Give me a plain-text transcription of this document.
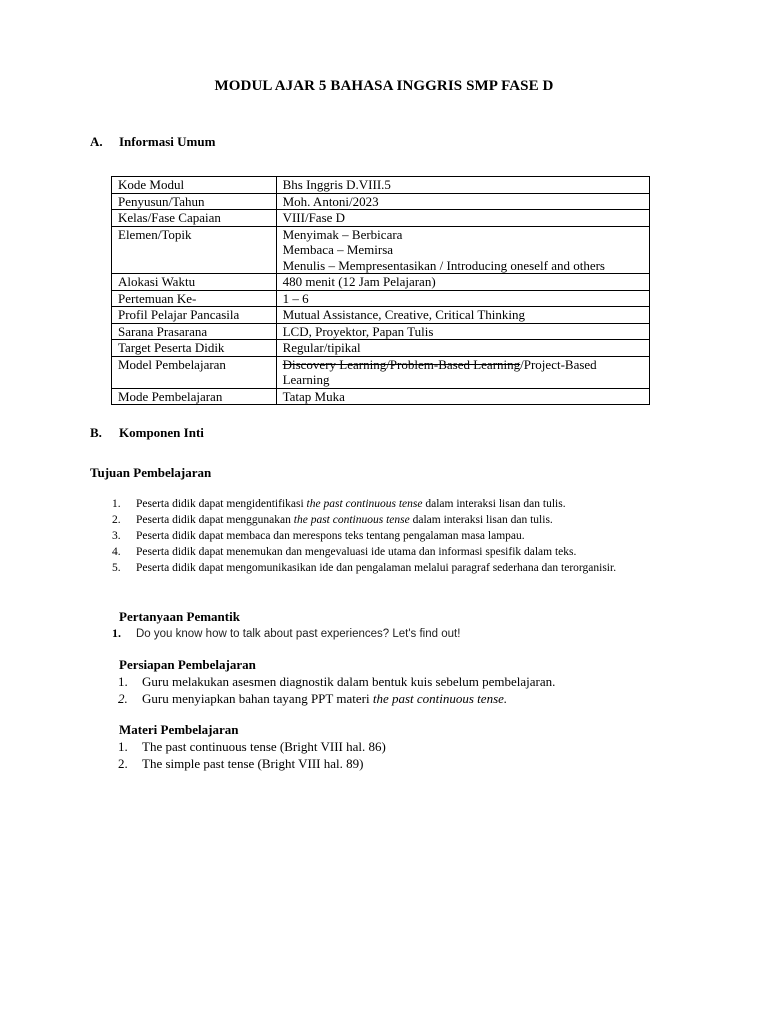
MODUL AJAR 5 BAHASA INGGRIS SMP FASE D
A. Informasi Umum
Kode Modul	Bhs Inggris D.VIII.5
Penyusun/Tahun	Moh. Antoni/2023
Kelas/Fase Capaian	VIII/Fase D
Elemen/Topik	Menyimak – Berbicara
Membaca – Memirsa
Menulis – Mempresentasikan / Introducing oneself and others

Alokasi Waktu	480 menit (12 Jam Pelajaran)
Pertemuan Ke-	1 – 6
Profil Pelajar Pancasila	Mutual Assistance, Creative, Critical Thinking
Sarana Prasarana	LCD, Proyektor, Papan Tulis
Target Peserta Didik	Regular/tipikal
Model Pembelajaran	Discovery Learning/Problem-Based Learning/Project-Based Learning
Mode Pembelajaran	Tatap Muka
B. Komponen Inti
Tujuan Pembelajaran
1. Peserta didik dapat mengidentifikasi the past continuous tense dalam interaksi lisan dan tulis.
2. Peserta didik dapat menggunakan the past continuous tense dalam interaksi lisan dan tulis.
3. Peserta didik dapat membaca dan merespons teks tentang pengalaman masa lampau.
4. Peserta didik dapat menemukan dan mengevaluasi ide utama dan informasi spesifik dalam teks.
5. Peserta didik dapat mengomunikasikan ide dan pengalaman melalui paragraf sederhana dan terorganisir.
Pertanyaan Pemantik
1. Do you know how to talk about past experiences? Let's find out!
Persiapan Pembelajaran
1. Guru melakukan asesmen diagnostik dalam bentuk kuis sebelum pembelajaran.
2. Guru menyiapkan bahan tayang PPT materi the past continuous tense.
Materi Pembelajaran
1. The past continuous tense (Bright VIII hal. 86)
2. The simple past tense (Bright VIII hal. 89)
